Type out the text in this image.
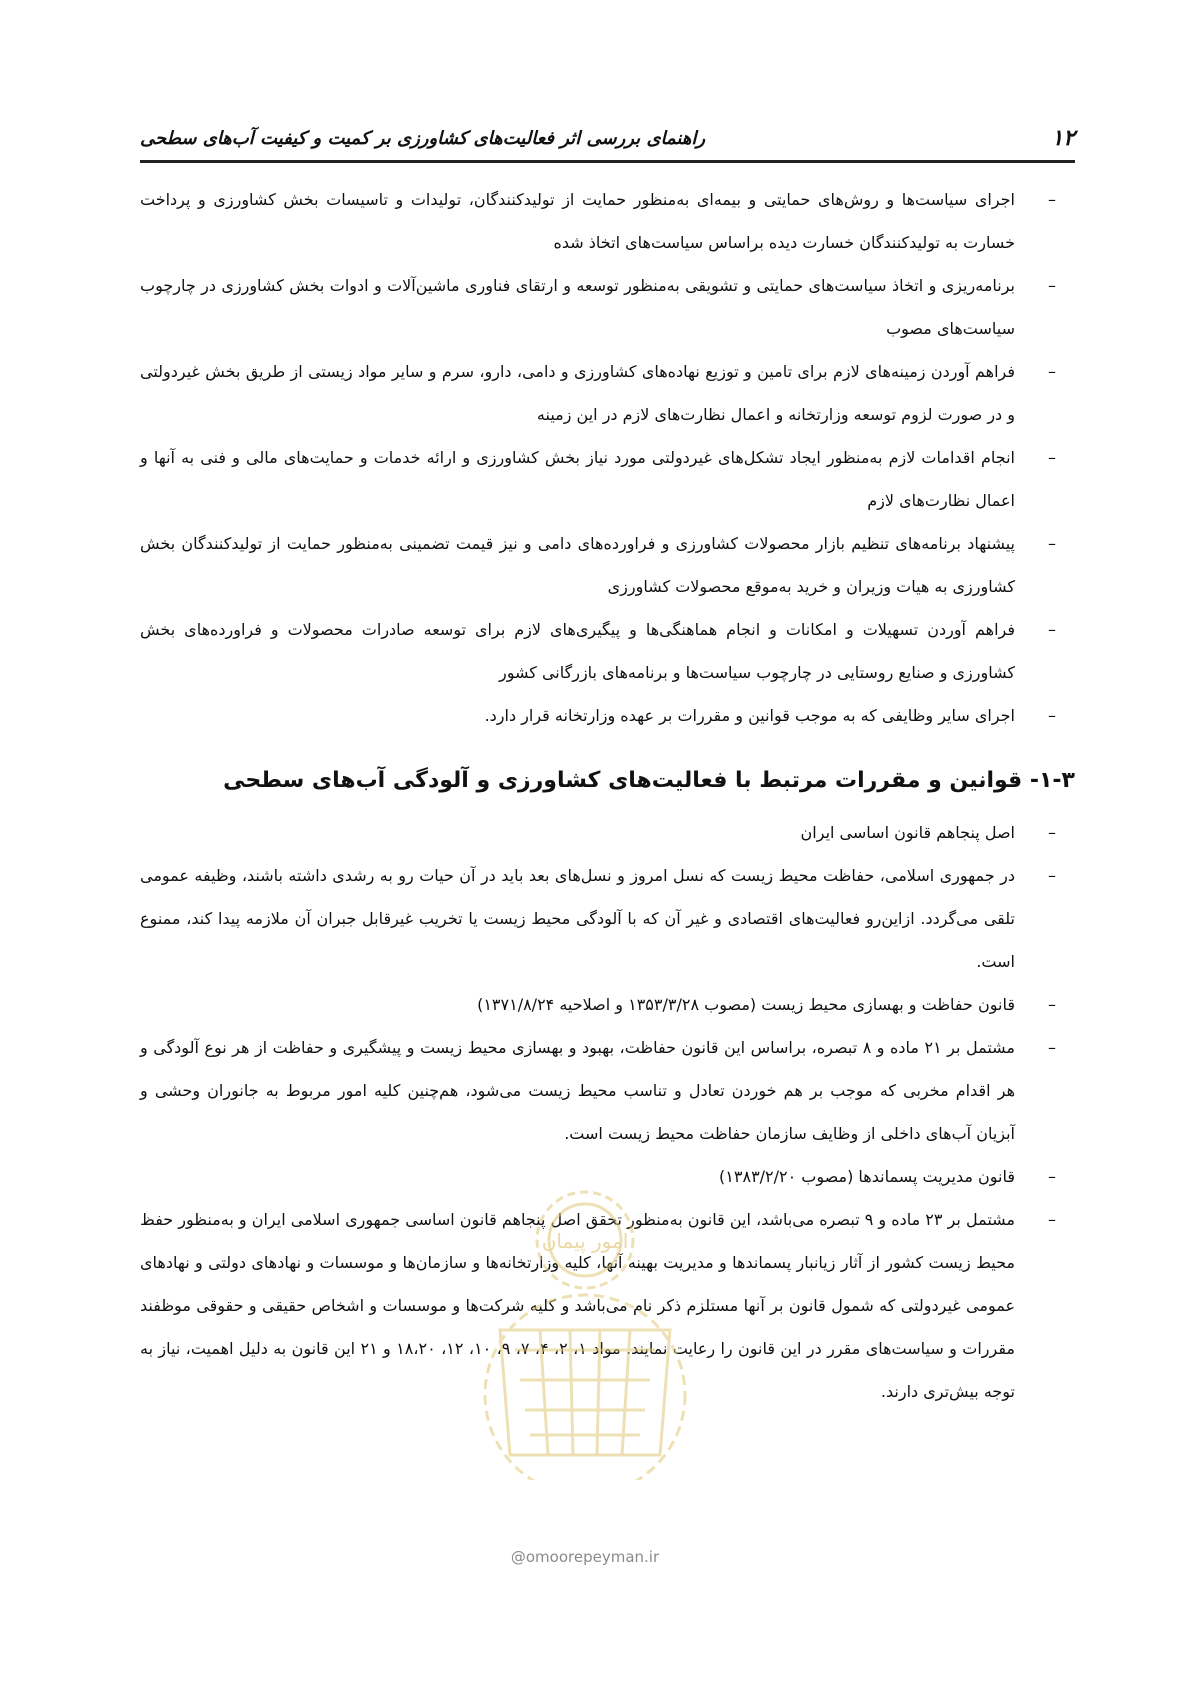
۱۲
راهنمای بررسی اثر فعالیت‌های کشاورزی بر کمیت و کیفیت آب‌های سطحی
–
اجرای سیاست‌ها و روش‌های حمایتی و بیمه‌ای به‌منظور حمایت از تولیدکنندگان، تولیدات و تاسیسات بخش کشاورزی و پرداخت خسارت به تولیدکنندگان خسارت دیده براساس سیاست‌های اتخاذ شده
–
برنامه‌ریزی و اتخاذ سیاست‌های حمایتی و تشویقی به‌منظور توسعه و ارتقای فناوری ماشین‌آلات و ادوات بخش کشاورزی در چارچوب سیاست‌های مصوب
–
فراهم آوردن زمینه‌های لازم برای تامین و توزیع نهاده‌های کشاورزی و دامی، دارو، سرم و سایر مواد زیستی از طریق بخش غیردولتی و در صورت لزوم توسعه وزارتخانه و اعمال نظارت‌های لازم در این زمینه
–
انجام اقدامات لازم به‌منظور ایجاد تشکل‌های غیردولتی مورد نیاز بخش کشاورزی و ارائه خدمات و حمایت‌های مالی و فنی به آنها و اعمال نظارت‌های لازم
–
پیشنهاد برنامه‌های تنظیم بازار محصولات کشاورزی و فراورده‌های دامی و نیز قیمت تضمینی به‌منظور حمایت از تولیدکنندگان بخش کشاورزی به هیات وزیران و خرید به‌موقع محصولات کشاورزی
–
فراهم آوردن تسهیلات و امکانات و انجام هماهنگی‌ها و پیگیری‌های لازم برای توسعه صادرات محصولات و فراورده‌های بخش کشاورزی و صنایع روستایی در چارچوب سیاست‌ها و برنامه‌های بازرگانی کشور
–
اجرای سایر وظایفی که به موجب قوانین و مقررات بر عهده وزارتخانه قرار دارد.
۱-۳- قوانین و مقررات مرتبط با فعالیت‌های کشاورزی و آلودگی آب‌های سطحی
–
اصل پنجاهم قانون اساسی ایران
–
در جمهوری اسلامی، حفاظت محیط زیست که نسل امروز و نسل‌های بعد باید در آن حیات رو به رشدی داشته باشند، وظیفه عمومی تلقی می‌گردد. ازاین‌رو فعالیت‌های اقتصادی و غیر آن که با آلودگی محیط زیست یا تخریب غیرقابل جبران آن ملازمه پیدا کند، ممنوع است.
–
قانون حفاظت و بهسازی محیط زیست (مصوب ۱۳۵۳/۳/۲۸ و اصلاحیه ۱۳۷۱/۸/۲۴)
–
مشتمل بر ۲۱ ماده و ۸ تبصره، براساس این قانون حفاظت، بهبود و بهسازی محیط زیست و پیشگیری و حفاظت از هر نوع آلودگی و هر اقدام مخربی که موجب بر هم خوردن تعادل و تناسب محیط زیست می‌شود، هم‌چنین کلیه امور مربوط به جانوران وحشی و آبزیان آب‌های داخلی از وظایف سازمان حفاظت محیط زیست است.
–
قانون مدیریت پسماندها (مصوب ۱۳۸۳/۲/۲۰)
–
مشتمل بر ۲۳ ماده و ۹ تبصره می‌باشد، این قانون به‌منظور تحقق اصل پنجاهم قانون اساسی جمهوری اسلامی ایران و به‌منظور حفظ محیط زیست کشور از آثار زیانبار پسماندها و مدیریت بهینه آنها، کلیه وزارتخانه‌ها و سازمان‌ها و موسسات و نهادهای دولتی و نهادهای عمومی غیردولتی که شمول قانون بر آنها مستلزم ذکر نام می‌باشد و کلیه شرکت‌ها و موسسات و اشخاص حقیقی و حقوقی موظفند مقررات و سیاست‌های مقرر در این قانون را رعایت نمایند. مواد ۱، ۲، ۴، ۷، ۹، ۱۰، ۱۲، ۱۸،۲۰ و ۲۱ این قانون به دلیل اهمیت، نیاز به توجه بیش‌تری دارند.
امور پیمان
@omoorepeyman.ir
